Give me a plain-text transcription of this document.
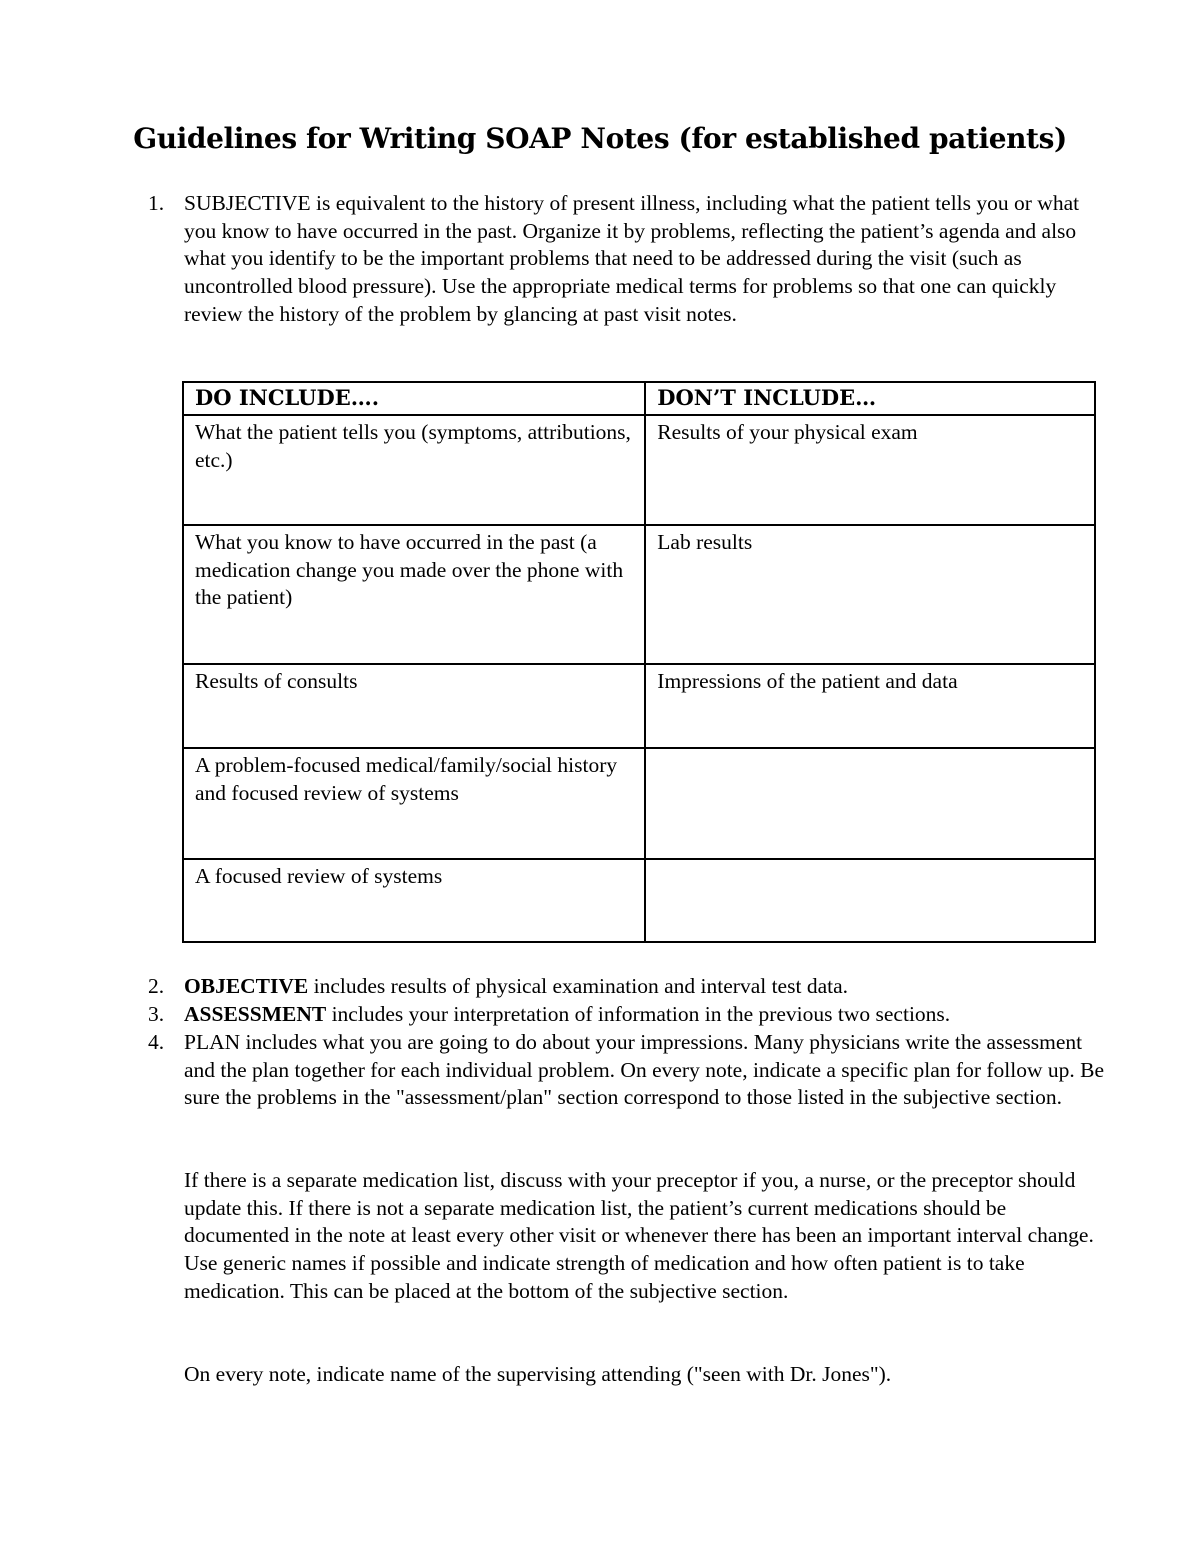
Guidelines for Writing SOAP Notes (for established patients)
1. SUBJECTIVE is equivalent to the history of present illness, including what the patient tells you or what you know to have occurred in the past. Organize it by problems, reflecting the patient’s agenda and also what you identify to be the important problems that need to be addressed during the visit (such as uncontrolled blood pressure). Use the appropriate medical terms for problems so that one can quickly review the history of the problem by glancing at past visit notes.

DO INCLUDE….	DON’T INCLUDE…
What the patient tells you (symptoms, attributions, etc.)	Results of your physical exam
What you know to have occurred in the past (a medication change you made over the phone with the patient)	Lab results
Results of consults	Impressions of the patient and data
A problem-focused medical/family/social history and focused review of systems	
A focused review of systems	
2. OBJECTIVE includes results of physical examination and interval test data.

3. ASSESSMENT includes your interpretation of information in the previous two sections.

4. PLAN includes what you are going to do about your impressions. Many physicians write the assessment and the plan together for each individual problem. On every note, indicate a specific plan for follow up. Be sure the problems in the "assessment/plan" section correspond to those listed in the subjective section.

If there is a separate medication list, discuss with your preceptor if you, a nurse, or the preceptor should update this. If there is not a separate medication list, the patient’s current medications should be documented in the note at least every other visit or whenever there has been an important interval change. Use generic names if possible and indicate strength of medication and how often patient is to take medication. This can be placed at the bottom of the subjective section.

On every note, indicate name of the supervising attending ("seen with Dr. Jones").
